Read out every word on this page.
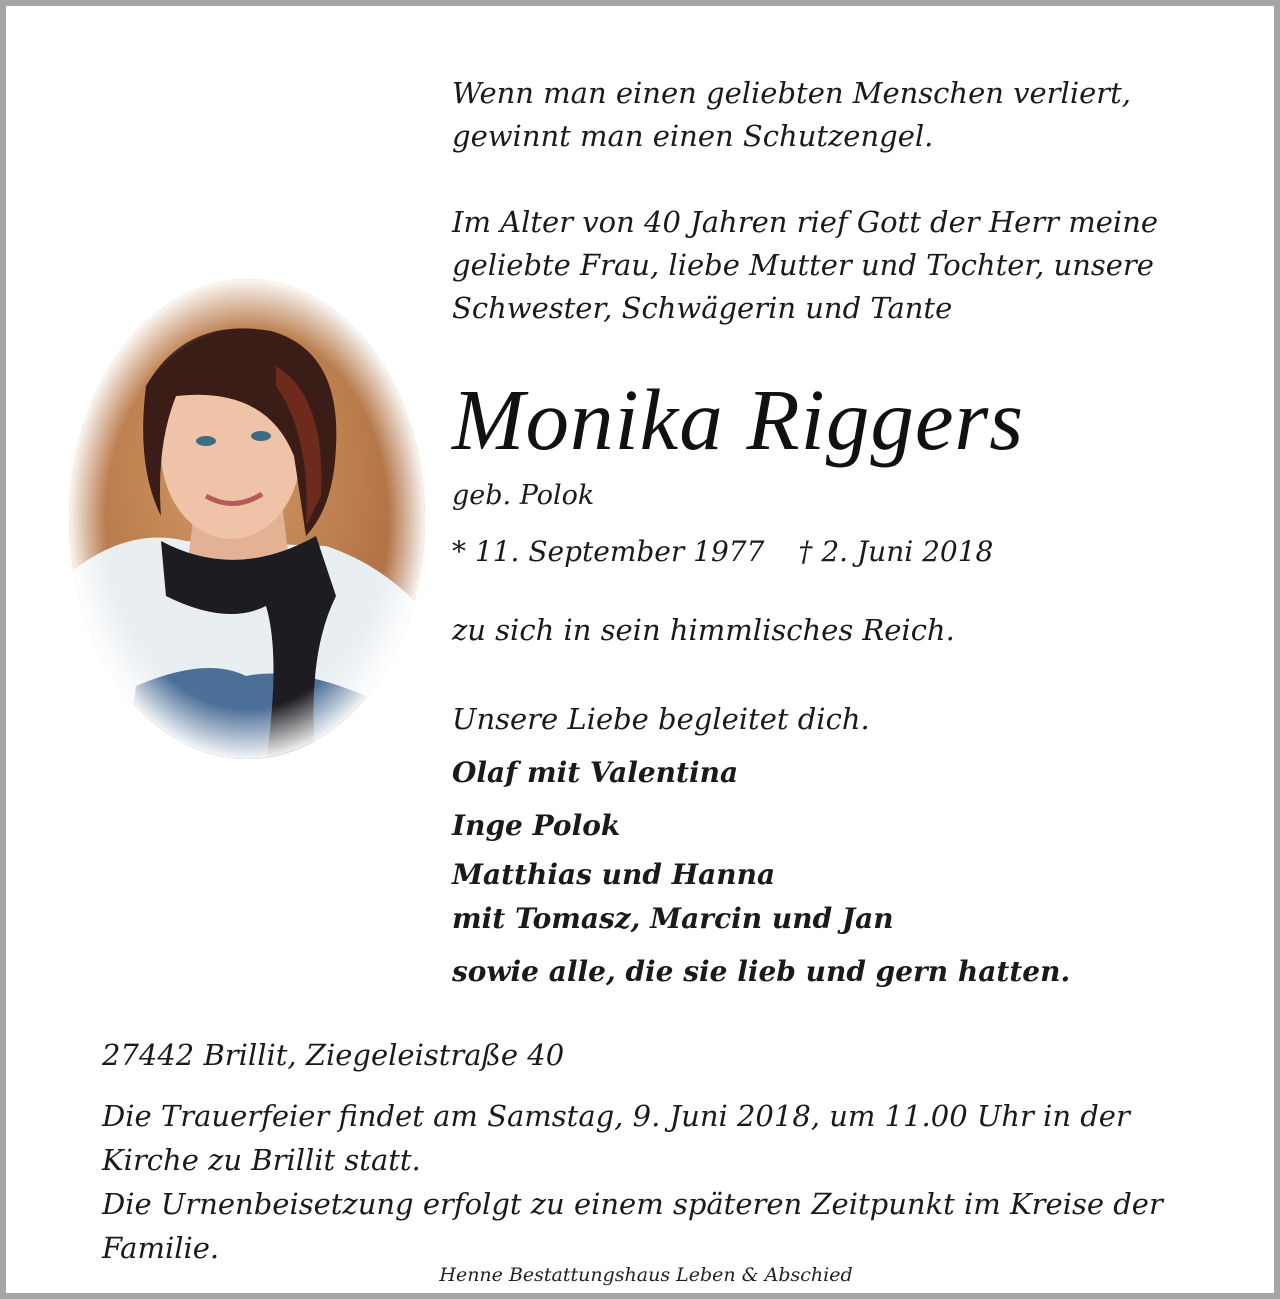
Wenn man einen geliebten Menschen verliert,

gewinnt man einen Schutzengel.

Im Alter von 40 Jahren rief Gott der Herr meine

geliebte Frau, liebe Mutter und Tochter, unsere

Schwester, Schwägerin und Tante

Monika Riggers
geb. Polok
* 11. September 1977 † 2. Juni 2018
zu sich in sein himmlisches Reich.
Unsere Liebe begleitet dich.
Olaf mit Valentina
Inge Polok
Matthias und Hanna
mit Tomasz, Marcin und Jan
sowie alle, die sie lieb und gern hatten.
27442 Brillit, Ziegeleistraße 40

Die Trauerfeier findet am Samstag, 9. Juni 2018, um 11.00 Uhr in der

Kirche zu Brillit statt.

Die Urnenbeisetzung erfolgt zu einem späteren Zeitpunkt im Kreise der

Familie.

Henne Bestattungshaus Leben & Abschied
